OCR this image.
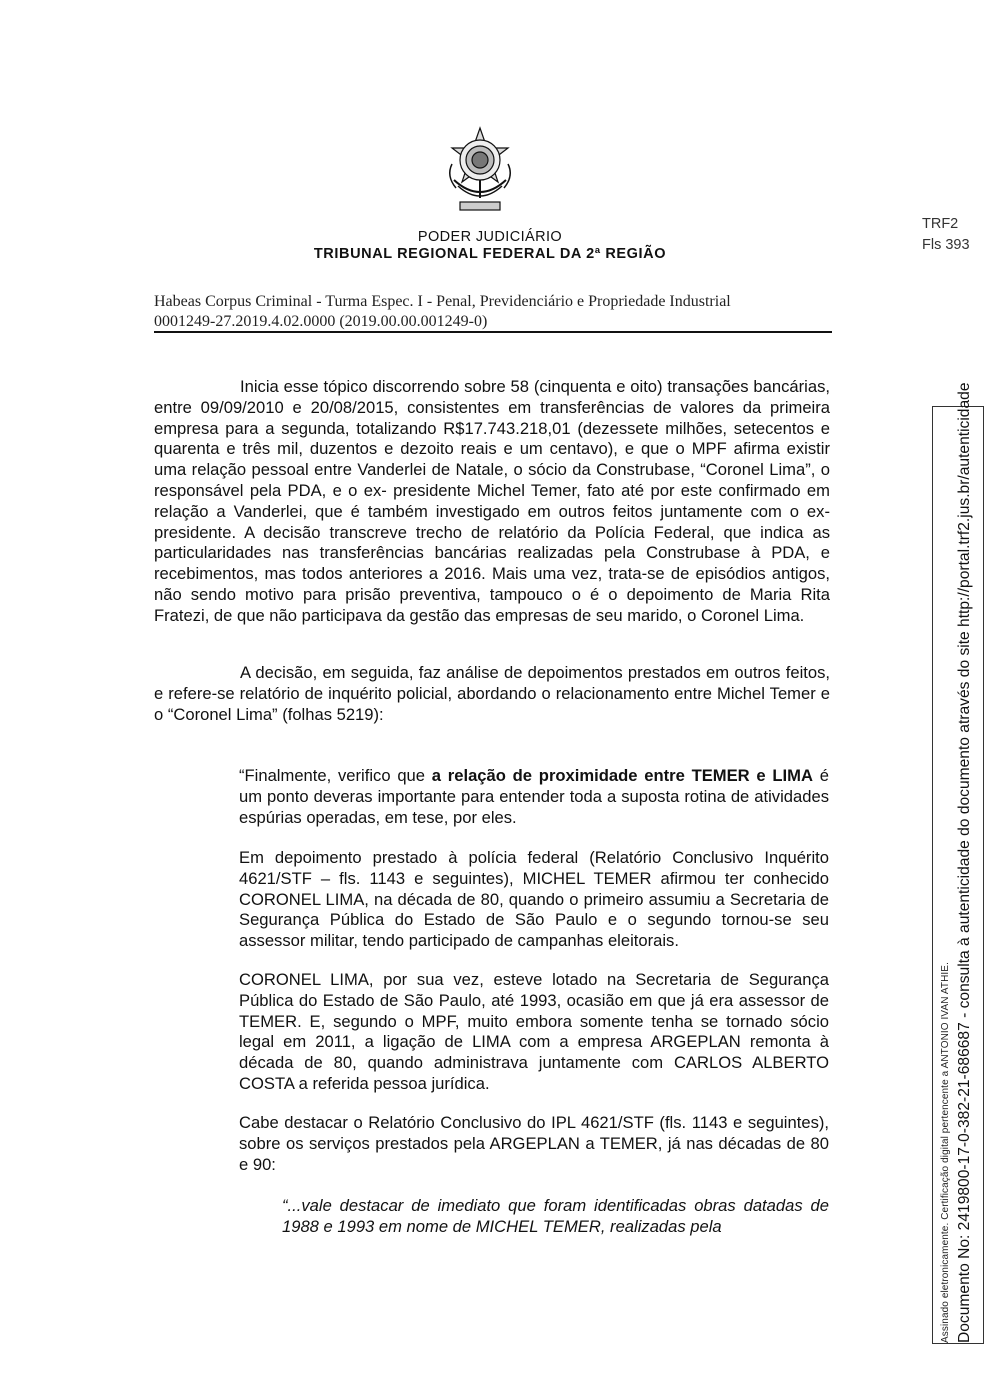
PODER JUDICIÁRIO
TRIBUNAL REGIONAL FEDERAL DA 2ª REGIÃO
TRF2
Fls 393
Habeas Corpus Criminal - Turma Espec. I - Penal, Previdenciário e Propriedade Industrial
0001249-27.2019.4.02.0000 (2019.00.00.001249-0)

Inicia esse tópico discorrendo sobre 58 (cinquenta e oito) transações bancárias, entre 09/09/2010 e 20/08/2015, consistentes em transferências de valores da primeira empresa para a segunda, totalizando R$17.743.218,01 (dezessete milhões, setecentos e quarenta e três mil, duzentos e dezoito reais e um centavo), e que o MPF afirma existir uma relação pessoal entre Vanderlei de Natale, o sócio da Construbase, “Coronel Lima”, o responsável pela PDA, e o ex- presidente Michel Temer, fato até por este confirmado em relação a Vanderlei, que é também investigado em outros feitos juntamente com o ex-presidente. A decisão transcreve trecho de relatório da Polícia Federal, que indica as particularidades nas transferências bancárias realizadas pela Construbase à PDA, e recebimentos, mas todos anteriores a 2016. Mais uma vez, trata-se de episódios antigos, não sendo motivo para prisão preventiva, tampouco o é o depoimento de Maria Rita Fratezi, de que não participava da gestão das empresas de seu marido, o Coronel Lima.

A decisão, em seguida, faz análise de depoimentos prestados em outros feitos, e refere-se relatório de inquérito policial, abordando o relacionamento entre Michel Temer e o “Coronel Lima” (folhas 5219):

“Finalmente, verifico que a relação de proximidade entre TEMER e LIMA é um ponto deveras importante para entender toda a suposta rotina de atividades espúrias operadas, em tese, por eles.

Em depoimento prestado à polícia federal (Relatório Conclusivo Inquérito 4621/STF – fls. 1143 e seguintes), MICHEL TEMER afirmou ter conhecido CORONEL LIMA, na década de 80, quando o primeiro assumiu a Secretaria de Segurança Pública do Estado de São Paulo e o segundo tornou-se seu assessor militar, tendo participado de campanhas eleitorais.

CORONEL LIMA, por sua vez, esteve lotado na Secretaria de Segurança Pública do Estado de São Paulo, até 1993, ocasião em que já era assessor de TEMER. E, segundo o MPF, muito embora somente tenha se tornado sócio legal em 2011, a ligação de LIMA com a empresa ARGEPLAN remonta à década de 80, quando administrava juntamente com CARLOS ALBERTO COSTA a referida pessoa jurídica.

Cabe destacar o Relatório Conclusivo do IPL 4621/STF (fls. 1143 e seguintes), sobre os serviços prestados pela ARGEPLAN a TEMER, já nas décadas de 80 e 90:

“...vale destacar de imediato que foram identificadas obras datadas de 1988 e 1993 em nome de MICHEL TEMER, realizadas pela	Assinado eletronicamente. Certificação digital pertencente a ANTONIO IVAN ATHIE. Documento No: 2419800-17-0-382-21-686687 - consulta à autenticidade do documento através do site http://portal.trf2.jus.br/autenticidade
